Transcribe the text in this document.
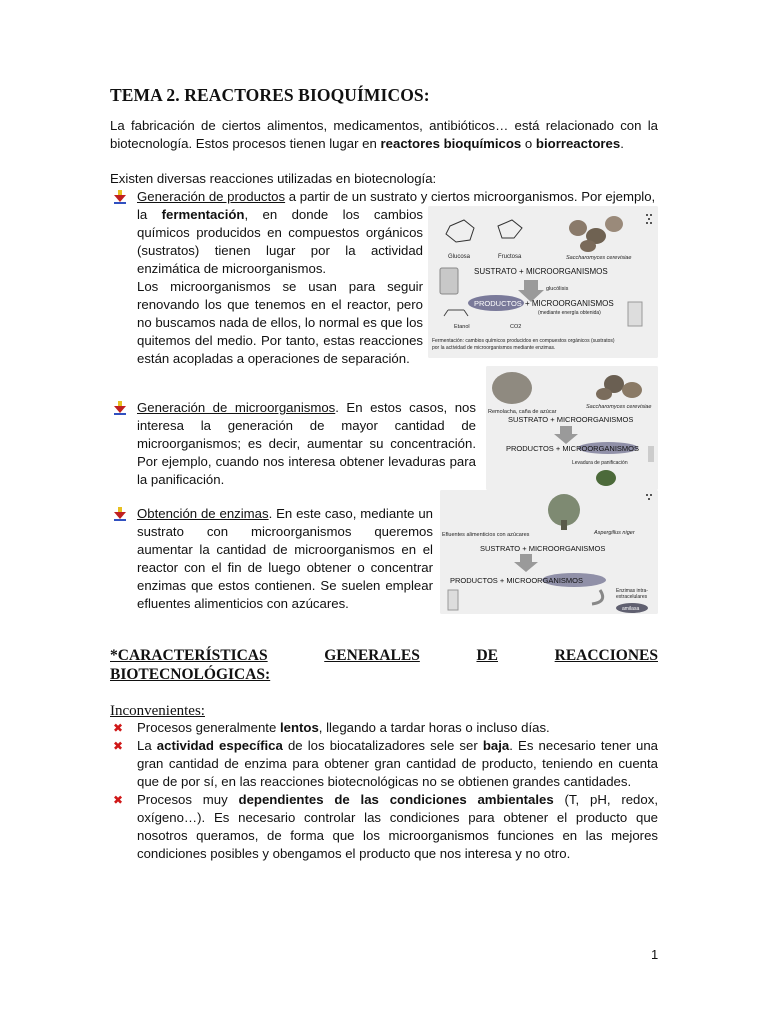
TEMA 2. REACTORES BIOQUÍMICOS:
La fabricación de ciertos alimentos, medicamentos, antibióticos… está relacionado con la biotecnología. Estos procesos tienen lugar en reactores bioquímicos o biorreactores.
Existen diversas reacciones utilizadas en biotecnología:
Generación de productos a partir de un sustrato y ciertos microorganismos. Por ejemplo,
la fermentación, en donde los cambios químicos producidos en compuestos orgánicos (sustratos) tienen lugar por la actividad enzimática de microorganismos.
Los microorganismos se usan para seguir renovando los que tenemos en el reactor, pero no buscamos nada de ellos, lo normal es que los quitemos del medio. Por tanto, estas reacciones están acopladas a operaciones de separación.
Glucosa	Fructosa	Saccharomyces cerevisiae
SUSTRATO + MICROORGANISMOS
glucólisis
PRODUCTOS + MICROORGANISMOS
(mediante energía obtenida)
Etanol	CO2
Fermentación: cambios químicos producidos en compuestos orgánicos (sustratos)
por la actividad de microorganismos mediante enzimas.
Generación de microorganismos. En estos casos, nos interesa la generación de mayor cantidad de microorganismos; es decir, aumentar su concentración. Por ejemplo, cuando nos interesa obtener levaduras para la panificación.
Remolacha, caña de azúcar
Saccharomyces cerevisiae
SUSTRATO + MICROORGANISMOS
PRODUCTOS + MICROORGANISMOS
Levadura de panificación
Obtención de enzimas. En este caso, mediante un sustrato con microorganismos queremos aumentar la cantidad de microorganismos en el reactor con el fin de luego obtener o concentrar enzimas que estos contienen. Se suelen emplear efluentes alimenticios con azúcares.
Efluentes alimenticios con azúcares	Aspergillus niger
SUSTRATO + MICROORGANISMOS
PRODUCTOS + MICROORGANISMOS
Enzimas intra-
extracelulares
amilasa
*CARACTERÍSTICAS	GENERALES	DE	REACCIONES
BIOTECNOLÓGICAS:
Inconvenientes:
✖	Procesos generalmente lentos, llegando a tardar horas o incluso días.
✖	La actividad específica de los biocatalizadores sele ser baja. Es necesario tener una gran cantidad de enzima para obtener gran cantidad de producto, teniendo en cuenta que de por sí, en las reacciones biotecnológicas no se obtienen grandes cantidades.
✖	Procesos muy dependientes de las condiciones ambientales (T, pH, redox, oxígeno…). Es necesario controlar las condiciones para obtener el producto que nosotros queramos, de forma que los microorganismos funciones en las mejores condiciones posibles y obengamos el producto que nos interesa y no otro.
1
